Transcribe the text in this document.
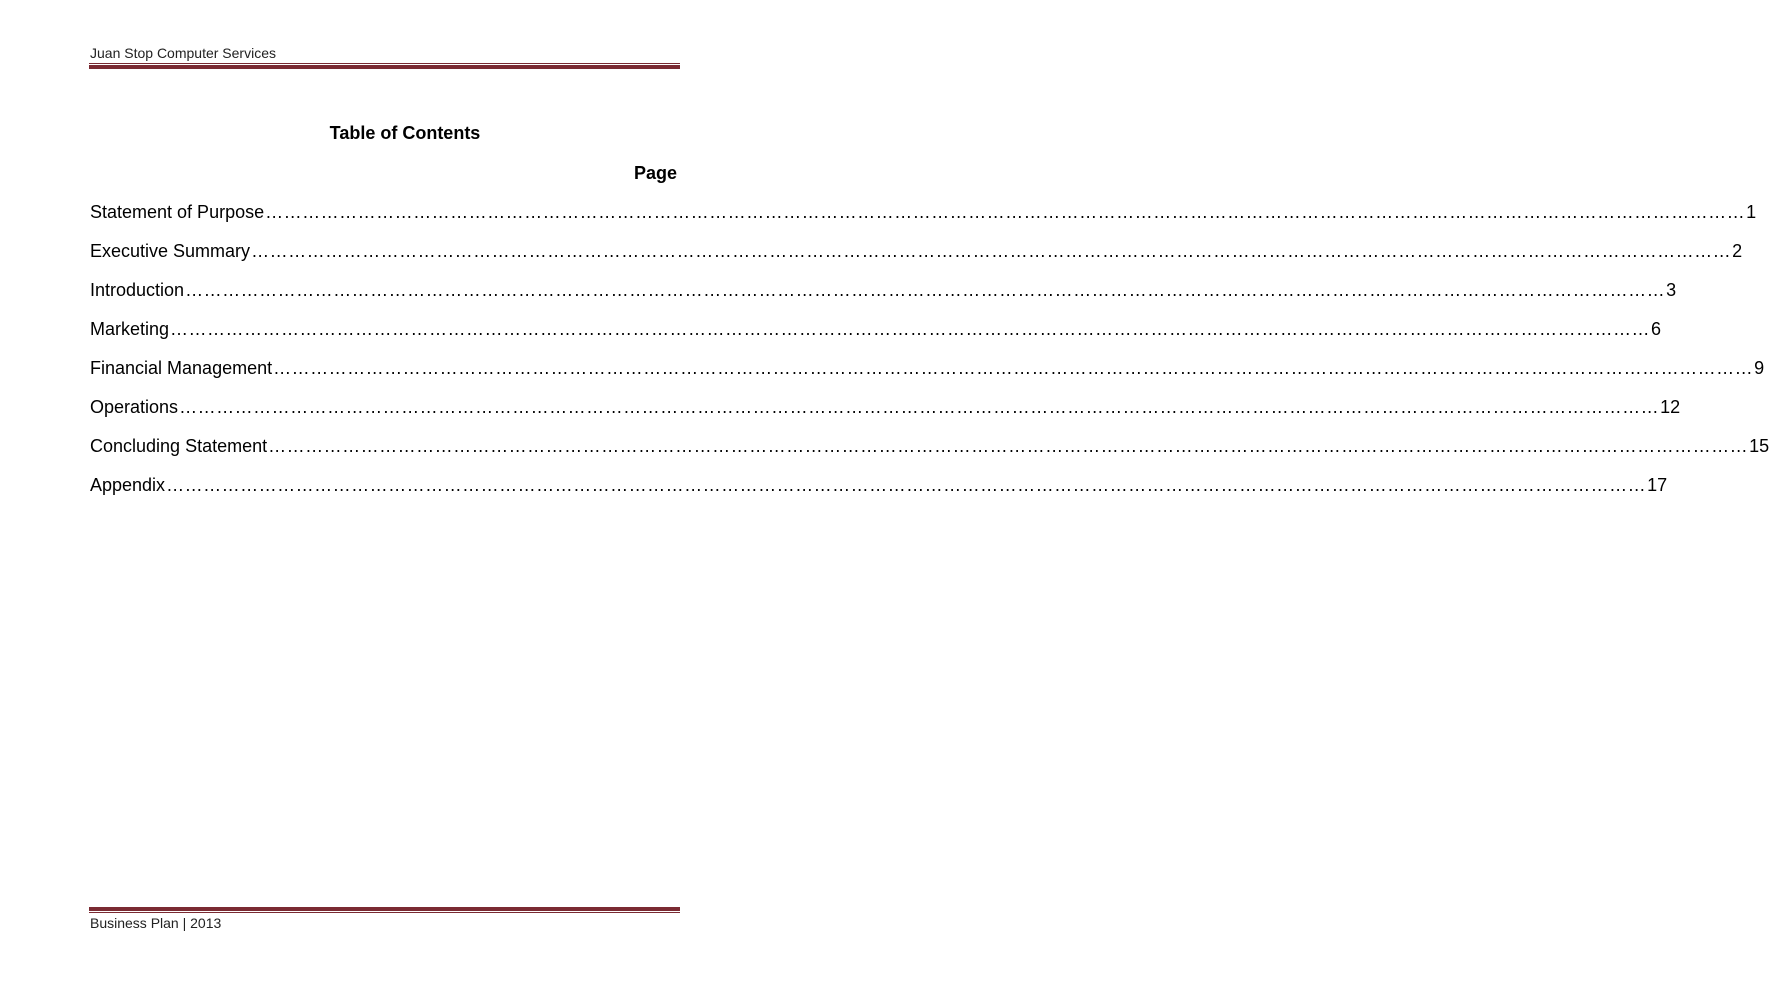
Juan Stop Computer Services
Table of Contents
Page
Statement of Purpose …………………………………………………………………………………………………………………………………………………………………………………………………………………… 1
Executive Summary …………………………………………………………………………………………………………………………………………………………………………………………………………………… 2
Introduction …………………………………………………………………………………………………………………………………………………………………………………………………………………… 3
Marketing …………………………………………………………………………………………………………………………………………………………………………………………………………………… 6
Financial Management …………………………………………………………………………………………………………………………………………………………………………………………………………………… 9
Operations …………………………………………………………………………………………………………………………………………………………………………………………………………………… 12
Concluding Statement …………………………………………………………………………………………………………………………………………………………………………………………………………………… 15
Appendix …………………………………………………………………………………………………………………………………………………………………………………………………………………… 17
Business Plan | 2013
